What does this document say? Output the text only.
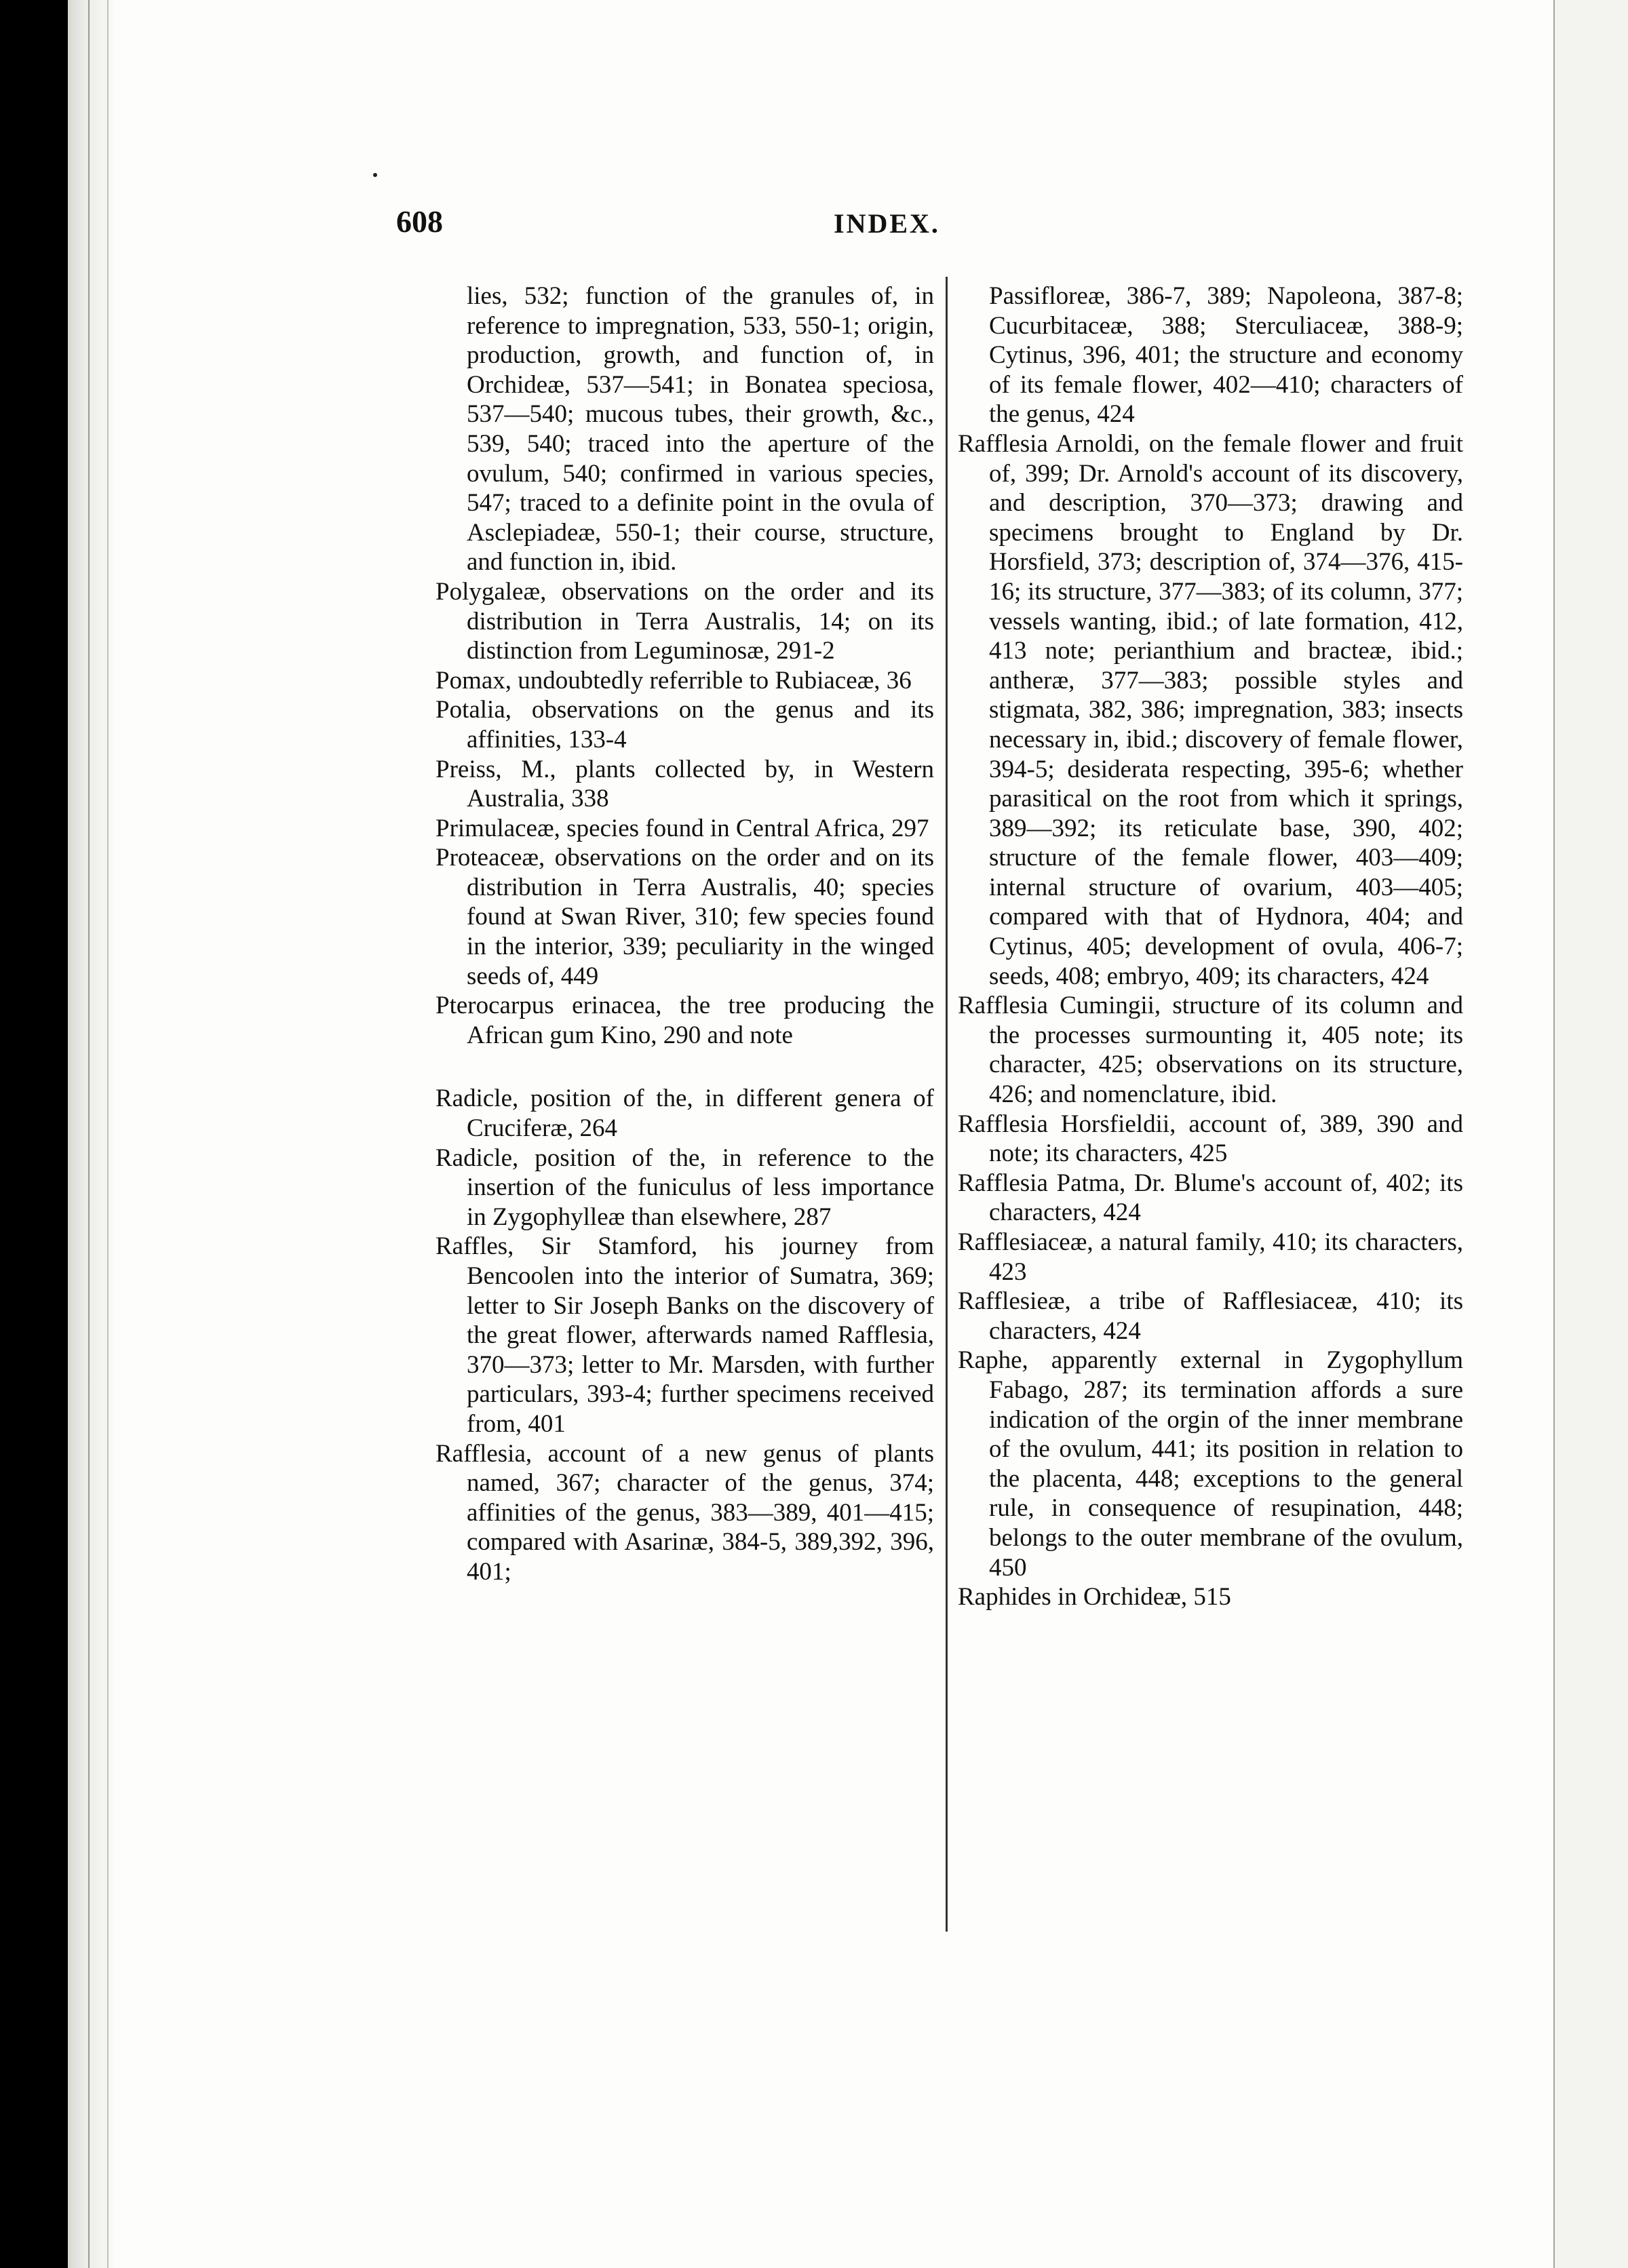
608	INDEX.

lies, 532; function of the granules of, in reference to impregnation, 533, 550-1; origin, production, growth, and function of, in Orchideæ, 537—541; in Bonatea speciosa, 537—540; mucous tubes, their growth, &c., 539, 540; traced into the aperture of the ovulum, 540; confirmed in various species, 547; traced to a definite point in the ovula of Asclepiadeæ, 550-1; their course, structure, and function in, ibid.

Polygaleæ, observations on the order and its distribution in Terra Australis, 14; on its distinction from Leguminosæ, 291-2

Pomax, undoubtedly referrible to Rubiaceæ, 36

Potalia, observations on the genus and its affinities, 133-4

Preiss, M., plants collected by, in Western Australia, 338

Primulaceæ, species found in Central Africa, 297

Proteaceæ, observations on the order and on its distribution in Terra Australis, 40; species found at Swan River, 310; few species found in the interior, 339; peculiarity in the winged seeds of, 449

Pterocarpus erinacea, the tree producing the African gum Kino, 290 and note

Radicle, position of the, in different genera of Cruciferæ, 264

Radicle, position of the, in reference to the insertion of the funiculus of less importance in Zygophylleæ than elsewhere, 287

Raffles, Sir Stamford, his journey from Bencoolen into the interior of Sumatra, 369; letter to Sir Joseph Banks on the discovery of the great flower, afterwards named Rafflesia, 370—373; letter to Mr. Marsden, with further particulars, 393-4; further specimens received from, 401

Rafflesia, account of a new genus of plants named, 367; character of the genus, 374; affinities of the genus, 383—389, 401—415; compared with Asarinæ, 384-5, 389,392, 396, 401;

Passifloreæ, 386-7, 389; Napoleona, 387-8; Cucurbitaceæ, 388; Sterculiaceæ, 388-9; Cytinus, 396, 401; the structure and economy of its female flower, 402—410; characters of the genus, 424

Rafflesia Arnoldi, on the female flower and fruit of, 399; Dr. Arnold's account of its discovery, and description, 370—373; drawing and specimens brought to England by Dr. Horsfield, 373; description of, 374—376, 415-16; its structure, 377—383; of its column, 377; vessels wanting, ibid.; of late formation, 412, 413 note; perianthium and bracteæ, ibid.; antheræ, 377—383; possible styles and stigmata, 382, 386; impregnation, 383; insects necessary in, ibid.; discovery of female flower, 394-5; desiderata respecting, 395-6; whether parasitical on the root from which it springs, 389—392; its reticulate base, 390, 402; structure of the female flower, 403—409; internal structure of ovarium, 403—405; compared with that of Hydnora, 404; and Cytinus, 405; development of ovula, 406-7; seeds, 408; embryo, 409; its characters, 424

Rafflesia Cumingii, structure of its column and the processes surmounting it, 405 note; its character, 425; observations on its structure, 426; and nomenclature, ibid.

Rafflesia Horsfieldii, account of, 389, 390 and note; its characters, 425

Rafflesia Patma, Dr. Blume's account of, 402; its characters, 424

Rafflesiaceæ, a natural family, 410; its characters, 423

Rafflesieæ, a tribe of Rafflesiaceæ, 410; its characters, 424

Raphe, apparently external in Zygophyllum Fabago, 287; its termination affords a sure indication of the orgin of the inner membrane of the ovulum, 441; its position in relation to the placenta, 448; exceptions to the general rule, in consequence of resupination, 448; belongs to the outer membrane of the ovulum, 450

Raphides in Orchideæ, 515
